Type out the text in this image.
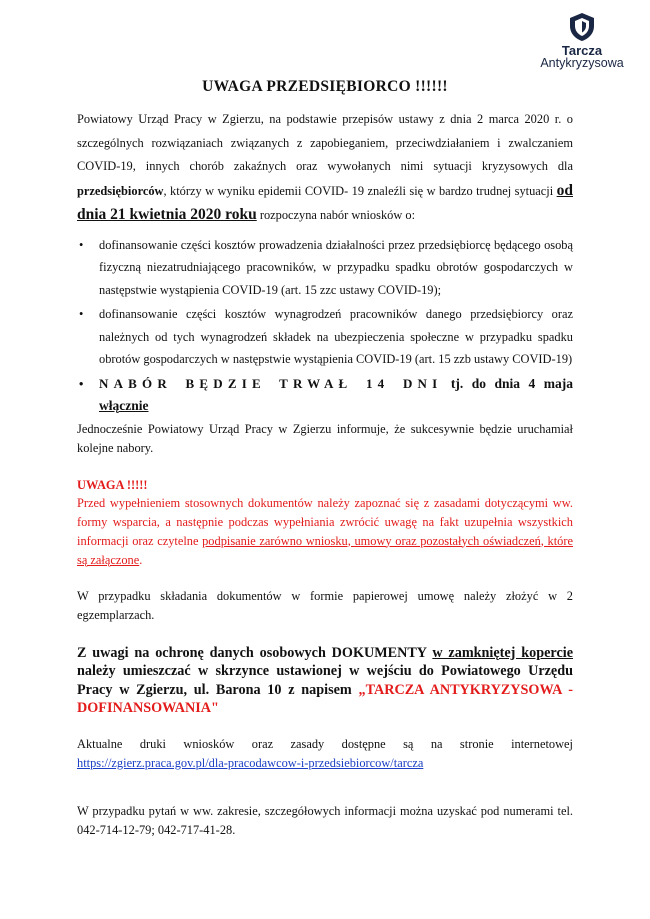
Tarcza
Antykryzysowa
UWAGA PRZEDSIĘBIORCO !!!!!!

Powiatowy Urząd Pracy w Zgierzu, na podstawie przepisów ustawy z dnia 2 marca 2020 r. o szczególnych rozwiązaniach związanych z zapobieganiem, przeciwdziałaniem i zwalczaniem COVID-19, innych chorób zakaźnych oraz wywołanych nimi sytuacji kryzysowych dla przedsiębiorców, którzy w wyniku epidemii COVID- 19 znaleźli się w bardzo trudnej sytuacji od dnia 21 kwietnia 2020 roku rozpoczyna nabór wniosków o:

• dofinansowanie części kosztów prowadzenia działalności przez przedsiębiorcę będącego osobą fizyczną niezatrudniającego pracowników, w przypadku spadku obrotów gospodarczych w następstwie wystąpienia COVID-19 (art. 15 zzc ustawy COVID-19);
• dofinansowanie części kosztów wynagrodzeń pracowników danego przedsiębiorcy oraz należnych od tych wynagrodzeń składek na ubezpieczenia społeczne w przypadku spadku obrotów gospodarczych w następstwie wystąpienia COVID-19 (art. 15 zzb ustawy COVID-19)
• NABÓR BĘDZIE TRWAŁ 14 DNI tj. do dnia 4 maja włącznie

Jednocześnie Powiatowy Urząd Pracy w Zgierzu informuje, że sukcesywnie będzie uruchamiał kolejne nabory.

UWAGA !!!!!

Przed wypełnieniem stosownych dokumentów należy zapoznać się z zasadami dotyczącymi ww. formy wsparcia, a następnie podczas wypełniania zwrócić uwagę na fakt uzupełnia wszystkich informacji oraz czytelne podpisanie zarówno wniosku, umowy oraz pozostałych oświadczeń, które są załączone.

W przypadku składania dokumentów w formie papierowej umowę należy złożyć w 2 egzemplarzach.

Z uwagi na ochronę danych osobowych DOKUMENTY w zamkniętej kopercie należy umieszczać w skrzynce ustawionej w wejściu do Powiatowego Urzędu Pracy w Zgierzu, ul. Barona 10 z napisem „TARCZA ANTYKRYZYSOWA - DOFINANSOWANIA"

Aktualne druki wniosków oraz zasady dostępne są na stronie internetowej https://zgierz.praca.gov.pl/dla-pracodawcow-i-przedsiebiorcow/tarcza

W przypadku pytań w ww. zakresie, szczegółowych informacji można uzyskać pod numerami tel. 042-714-12-79; 042-717-41-28.
